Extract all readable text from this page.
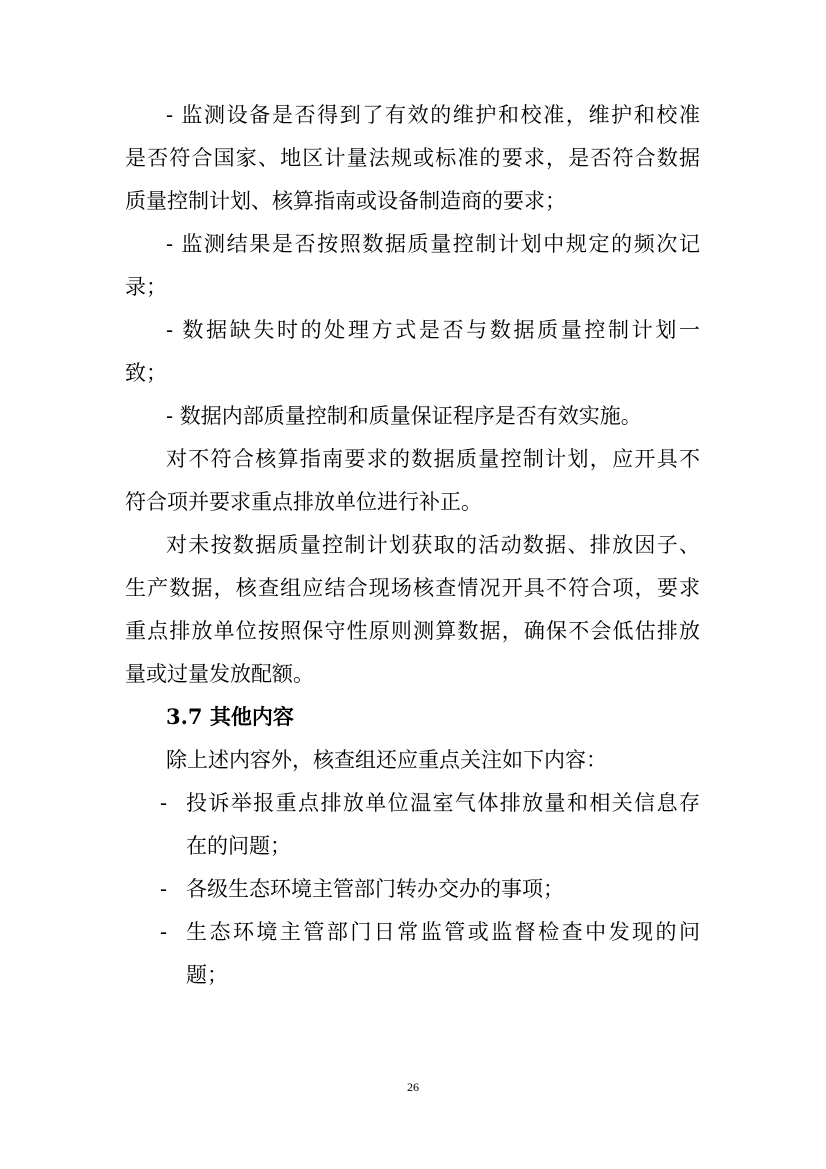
- 监测设备是否得到了有效的维护和校准，维护和校准
是否符合国家、地区计量法规或标准的要求，是否符合数据
质量控制计划、核算指南或设备制造商的要求；
- 监测结果是否按照数据质量控制计划中规定的频次记
录；
- 数据缺失时的处理方式是否与数据质量控制计划一
致；
- 数据内部质量控制和质量保证程序是否有效实施。
对不符合核算指南要求的数据质量控制计划，应开具不
符合项并要求重点排放单位进行补正。
对未按数据质量控制计划获取的活动数据、排放因子、
生产数据，核查组应结合现场核查情况开具不符合项，要求
重点排放单位按照保守性原则测算数据，确保不会低估排放
量或过量发放配额。
3.7 其他内容
除上述内容外，核查组还应重点关注如下内容：
- 投诉举报重点排放单位温室气体排放量和相关信息存
在的问题；
- 各级生态环境主管部门转办交办的事项；
- 生态环境主管部门日常监管或监督检查中发现的问
题；
26
